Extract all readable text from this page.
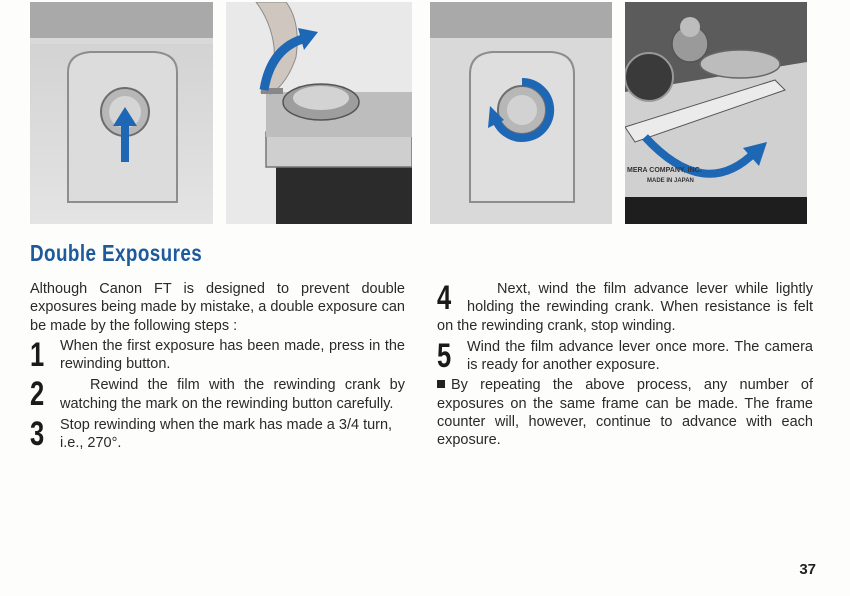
MERA COMPANY, INC.
MADE IN JAPAN
Double Exposures

Although Canon FT is designed to prevent double exposures being made by mistake, a double exposure can be made by the following steps :

1	When the first exposure has been made, press in the rewinding button.
2	Rewind the film with the rewinding crank by watching the mark on the rewinding button carefully.
3	Stop rewinding when the mark has made a 3/4 turn, i.e., 270°.
4	Next, wind the film advance lever while lightly holding the rewinding crank. When resistance is felt on the rewinding crank, stop winding.
5	Wind the film advance lever once more. The camera is ready for another exposure.

By repeating the above process, any number of exposures on the same frame can be made. The frame counter will, however, continue to advance with each exposure.

37
